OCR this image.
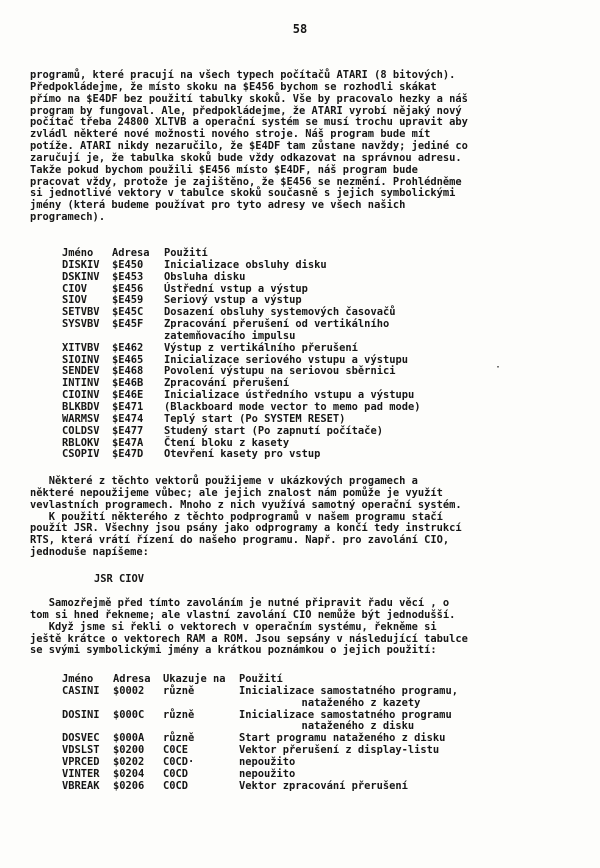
58
programů, které pracují na všech typech počítačů ATARI (8 bitových).
Předpokládejme, že místo skoku na $E456 bychom se rozhodli skákat
přímo na $E4DF bez použití tabulky skoků. Vše by pracovalo hezky a náš
program by fungoval. Ale, předpokládejme, že ATARI vyrobí nějaký nový
počítač třeba 24800 XLTVB a operační systém se musí trochu upravit aby
zvládl některé nové možnosti nového stroje. Náš program bude mít
potíže. ATARI nikdy nezaručilo, že $E4DF tam zůstane navždy; jediné co
zaručují je, že tabulka skoků bude vždy odkazovat na správnou adresu.
Takže pokud bychom použili $E456 místo $E4DF, náš program bude
pracovat vždy, protože je zajištěno, že $E456 se nezmění. Prohlédněme
si jednotlivé vektory v tabulce skoků současně s jejich symbolickými
jmény (která budeme používat pro tyto adresy ve všech našich
programech).
Jméno	Adresa	Použití
DISKIV	$E450	Inicializace obsluhy disku
DSKINV	$E453	Obsluha disku
CIOV	$E456	Ústřední vstup a výstup
SIOV	$E459	Seriový vstup a výstup
SETVBV	$E45C	Dosazení obsluhy systemových časovačů
SYSVBV	$E45F	Zpracování přerušení od vertikálního
zatemňovacího impulsu
XITVBV	$E462	Výstup z vertikálního přerušení
SIOINV	$E465	Inicializace seriového vstupu a výstupu
SENDEV	$E468	Povolení výstupu na seriovou sběrnici
INTINV	$E46B	Zpracování přerušení
CIOINV	$E46E	Inicializace ústředního vstupu a výstupu
BLKBDV	$E471	(Blackboard mode vector to memo pad mode)
WARMSV	$E474	Teplý start (Po SYSTEM RESET)
COLDSV	$E477	Studený start (Po zapnutí počítače)
RBLOKV	$E47A	Čtení bloku z kasety
CSOPIV	$E47D	Otevření kasety pro vstup
·
Některé z těchto vektorů použijeme v ukázkových progamech a
některé nepoužijeme vůbec; ale jejich znalost nám pomůže je využít
vevlastních programech. Mnoho z nich využívá samotný operační systém.
K použití některého z těchto podprogramů v našem programu stačí
použít JSR. Všechny jsou psány jako odprogramy a končí tedy instrukcí
RTS, která vrátí řízení do našeho programu. Např. pro zavolání CIO,
jednoduše napíšeme:
JSR CIOV
Samozřejmě před tímto zavoláním je nutné připravit řadu věcí , o
tom si hned řekneme; ale vlastní zavolání CIO nemůže být jednodušší.
Když jsme si řekli o vektorech v operačním systému, řekněme si
ještě krátce o vektorech RAM a ROM. Jsou sepsány v následující tabulce
se svými symbolickými jmény a krátkou poznámkou o jejich použití:
Jméno	Adresa	Ukazuje na	Použití
CASINI	$0002	různě	Inicializace samostatného programu,
nataženého z kazety
DOSINI	$000C	různě	Inicializace samostatného programu
nataženého z disku
DOSVEC	$000A	různě	Start programu nataženého z disku
VDSLST	$0200	C0CE	Vektor přerušení z display-listu
VPRCED	$0202	C0CD·	nepoužito
VINTER	$0204	C0CD	nepoužito
VBREAK	$0206	C0CD	Vektor zpracování přerušení
